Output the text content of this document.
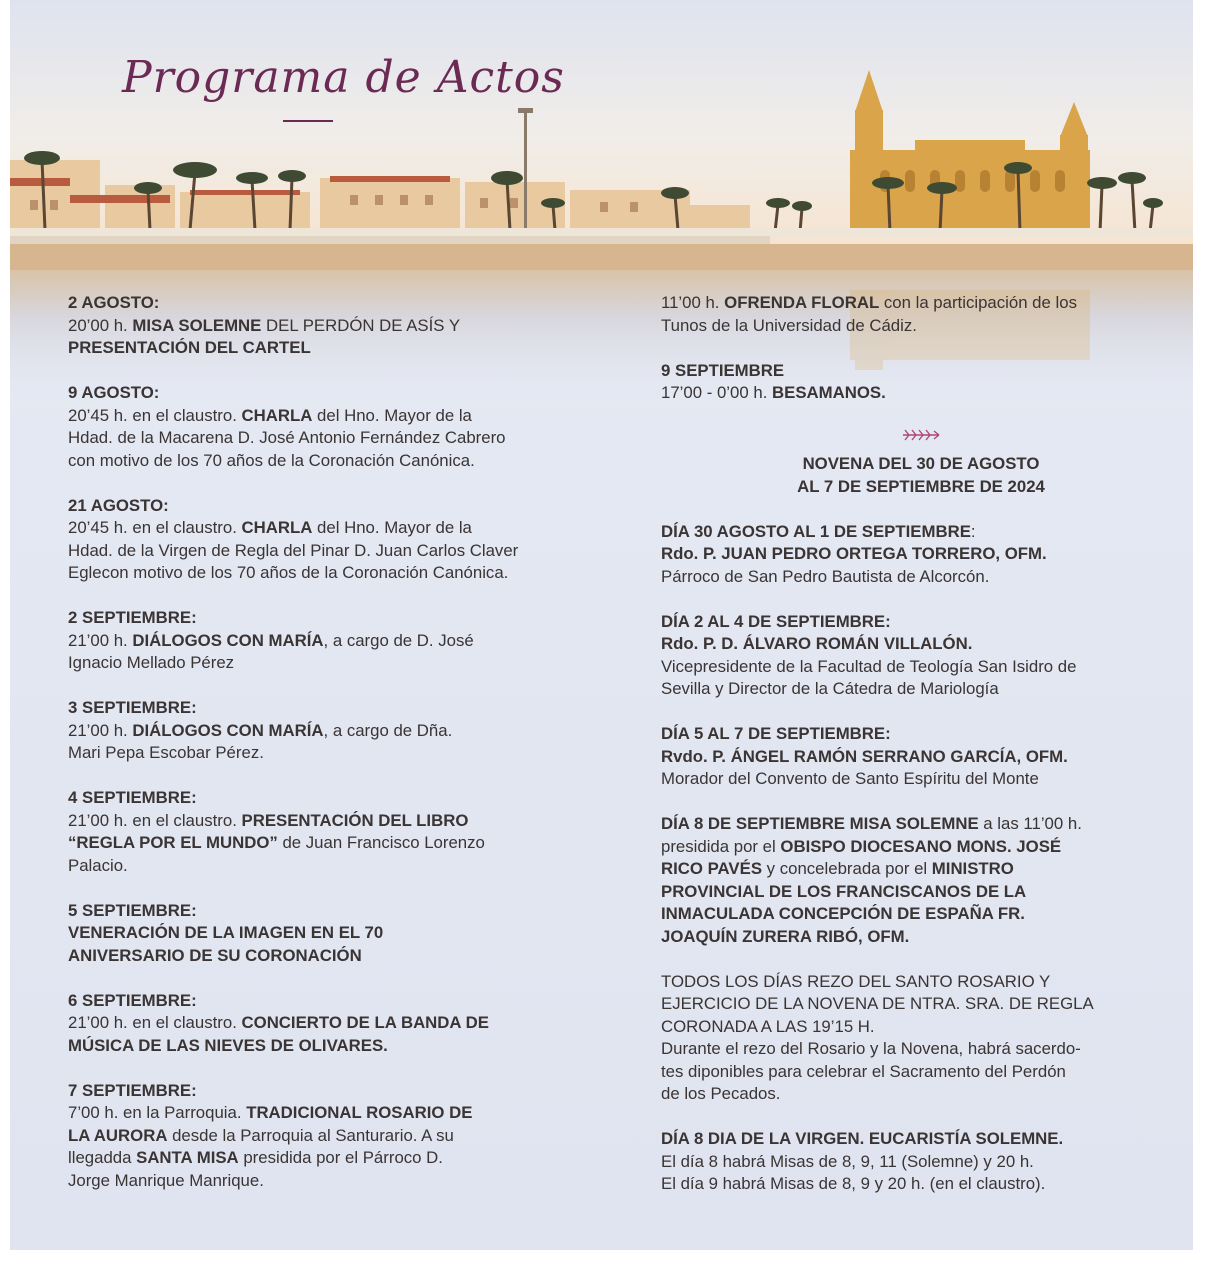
Programa de Actos
2 AGOSTO:
20’00 h. MISA SOLEMNE DEL PERDÓN DE ASÍS Y
PRESENTACIÓN DEL CARTEL
9 AGOSTO:
20’45 h. en el claustro. CHARLA del Hno. Mayor de la
Hdad. de la Macarena D. José Antonio Fernández Cabrero
con motivo de los 70 años de la Coronación Canónica.
21 AGOSTO:
20’45 h. en el claustro. CHARLA del Hno. Mayor de la
Hdad. de la Virgen de Regla del Pinar D. Juan Carlos Claver
Eglecon motivo de los 70 años de la Coronación Canónica.
2 SEPTIEMBRE:
21’00 h. DIÁLOGOS CON MARÍA, a cargo de D. José
Ignacio Mellado Pérez
3 SEPTIEMBRE:
21’00 h. DIÁLOGOS CON MARÍA, a cargo de Dña.
Mari Pepa Escobar Pérez.
4 SEPTIEMBRE:
21’00 h. en el claustro. PRESENTACIÓN DEL LIBRO
“REGLA POR EL MUNDO” de Juan Francisco Lorenzo
Palacio.
5 SEPTIEMBRE:
VENERACIÓN DE LA IMAGEN EN EL 70
ANIVERSARIO DE SU CORONACIÓN
6 SEPTIEMBRE:
21’00 h. en el claustro. CONCIERTO DE LA BANDA DE
MÚSICA DE LAS NIEVES DE OLIVARES.
7 SEPTIEMBRE:
7’00 h. en la Parroquia. TRADICIONAL ROSARIO DE
LA AURORA desde la Parroquia al Santurario. A su
llegadda SANTA MISA presidida por el Párroco D.
Jorge Manrique Manrique.
11’00 h. OFRENDA FLORAL con la participación de los
Tunos de la Universidad de Cádiz.
9 SEPTIEMBRE
17’00 - 0’00 h. BESAMANOS.
NOVENA DEL 30 DE AGOSTO
AL 7 DE SEPTIEMBRE DE 2024
DÍA 30 AGOSTO AL 1 DE SEPTIEMBRE:
Rdo. P. JUAN PEDRO ORTEGA TORRERO, OFM.
Párroco de San Pedro Bautista de Alcorcón.
DÍA 2 AL 4 DE SEPTIEMBRE:
Rdo. P. D. ÁLVARO ROMÁN VILLALÓN.
Vicepresidente de la Facultad de Teología San Isidro de
Sevilla y Director de la Cátedra de Mariología
DÍA 5 AL 7 DE SEPTIEMBRE:
Rvdo. P. ÁNGEL RAMÓN SERRANO GARCÍA, OFM.
Morador del Convento de Santo Espíritu del Monte
DÍA 8 DE SEPTIEMBRE MISA SOLEMNE a las 11’00 h.
presidida por el OBISPO DIOCESANO MONS. JOSÉ
RICO PAVÉS y concelebrada por el MINISTRO
PROVINCIAL DE LOS FRANCISCANOS DE LA
INMACULADA CONCEPCIÓN DE ESPAÑA FR.
JOAQUÍN ZURERA RIBÓ, OFM.
TODOS LOS DÍAS REZO DEL SANTO ROSARIO Y
EJERCICIO DE LA NOVENA DE NTRA. SRA. DE REGLA
CORONADA A LAS 19’15 H.
Durante el rezo del Rosario y la Novena, habrá sacerdo-
tes diponibles para celebrar el Sacramento del Perdón
de los Pecados.
DÍA 8 DIA DE LA VIRGEN. EUCARISTÍA SOLEMNE.
El día 8 habrá Misas de 8, 9, 11 (Solemne) y 20 h.
El día 9 habrá Misas de 8, 9 y 20 h. (en el claustro).
